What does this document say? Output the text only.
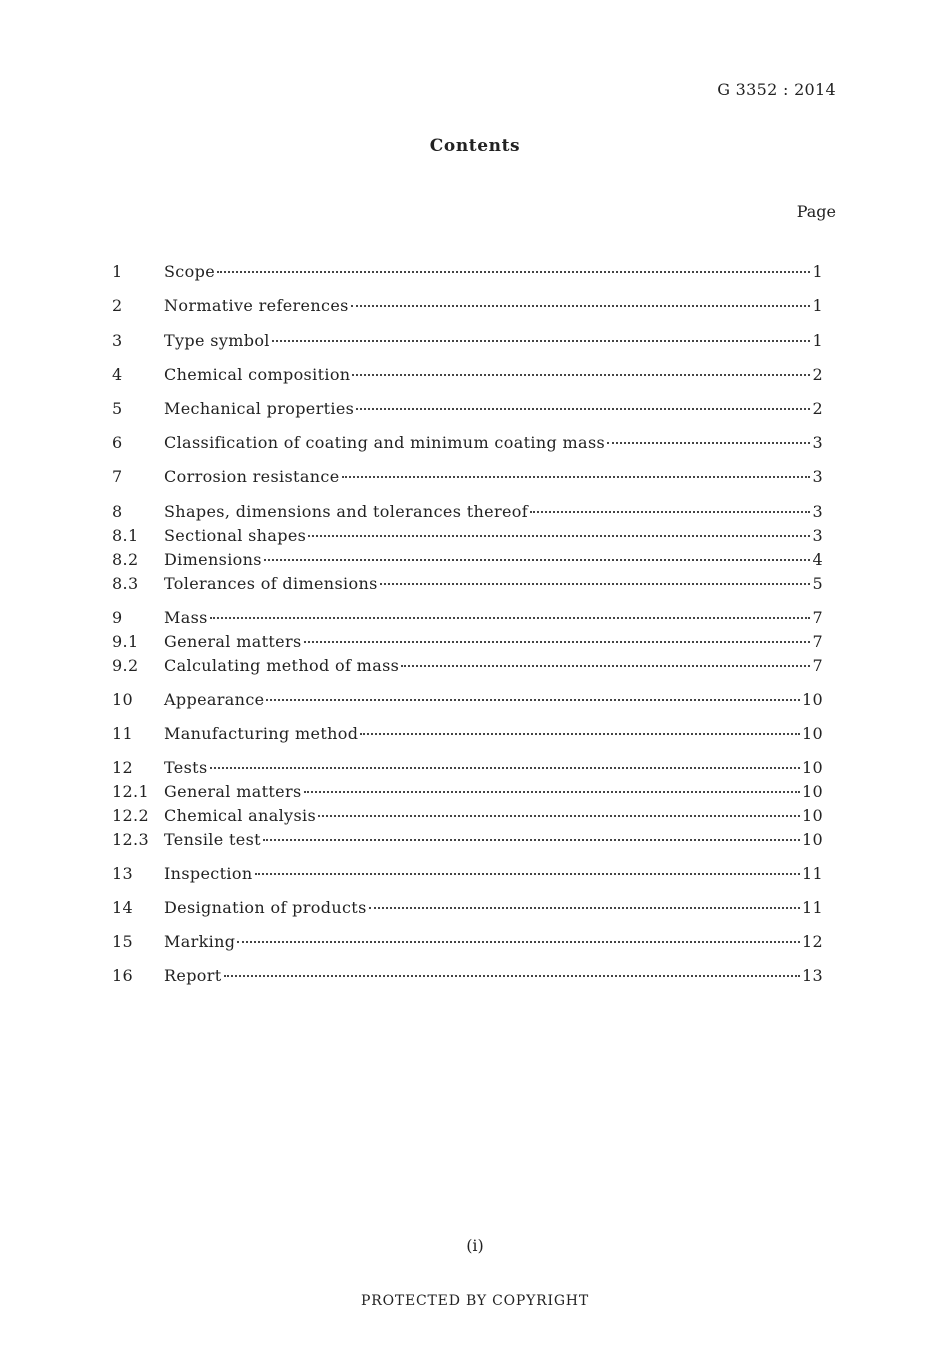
G 3352 : 2014
Contents
Page
1	Scope	1
2	Normative references	1
3	Type symbol	1
4	Chemical composition	2
5	Mechanical properties	2
6	Classification of coating and minimum coating mass	3
7	Corrosion resistance	3
8	Shapes, dimensions and tolerances thereof	3
8.1	Sectional shapes	3
8.2	Dimensions	4
8.3	Tolerances of dimensions	5
9	Mass	7
9.1	General matters	7
9.2	Calculating method of mass	7
10	Appearance	10
11	Manufacturing method	10
12	Tests	10
12.1 General matters	10
12.2 Chemical analysis	10
12.3 Tensile test	10
13	Inspection	11
14	Designation of products	11
15	Marking	12
16	Report	13
(i)
PROTECTED BY COPYRIGHT
